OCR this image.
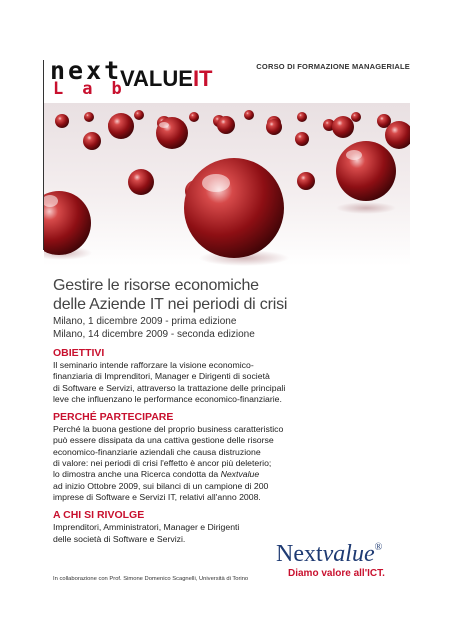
next
VALUEIT
Lab
CORSO DI FORMAZIONE MANAGERIALE
Gestire le risorse economiche
delle Aziende IT nei periodi di crisi

Milano, 1 dicembre 2009 - prima edizione
Milano, 14 dicembre 2009 - seconda edizione

OBIETTIVI

Il seminario intende rafforzare la visione economico-
finanziaria di Imprenditori, Manager e Dirigenti di società
di Software e Servizi, attraverso la trattazione delle principali
leve che influenzano le performance economico-finanziarie.

PERCHÉ PARTECIPARE

Perché la buona gestione del proprio business caratteristico
può essere dissipata da una cattiva gestione delle risorse
economico-finanziarie aziendali che causa distruzione
di valore: nei periodi di crisi l'effetto è ancor più deleterio;
lo dimostra anche una Ricerca condotta da Nextvalue
ad inizio Ottobre 2009, sui bilanci di un campione di 200
imprese di Software e Servizi IT, relativi all'anno 2008.

A CHI SI RIVOLGE

Imprenditori, Amministratori, Manager e Dirigenti
delle società di Software e Servizi.

In collaborazione con Prof. Simone Domenico Scagnelli, Università di Torino
Nextvalue®
Diamo valore all'ICT.
